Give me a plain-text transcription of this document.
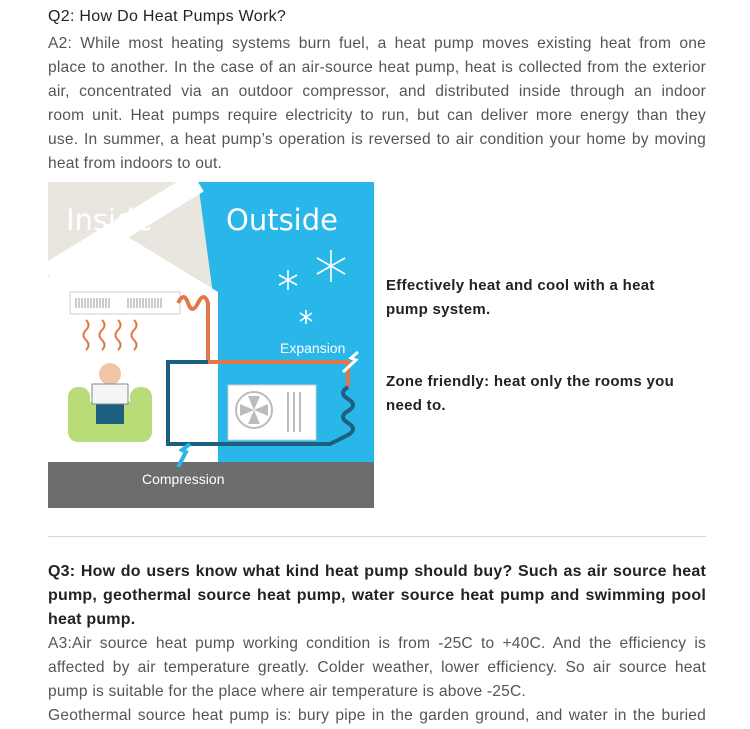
Q2: How Do Heat Pumps Work?
A2: While most heating systems burn fuel, a heat pump moves existing heat from one
place to another. In the case of an air-source heat pump, heat is collected from the exterior
air, concentrated via an outdoor compressor, and distributed inside through an indoor
room unit. Heat pumps require electricity to run, but can deliver more energy than they
use. In summer, a heat pump’s operation is reversed to air condition your home by moving
heat from indoors to out.
Inside	Outside
Expansion
Compression
Effectively heat and cool with a heat
pump system.
Zone friendly: heat only the rooms you
need to.
Q3: How do users know what kind heat pump should buy? Such as air source heat
pump, geothermal source heat pump, water source heat pump and swimming pool
heat pump.
A3:Air source heat pump working condition is from -25C to +40C. And the efficiency is
affected by air temperature greatly. Colder weather, lower efficiency. So air source heat
pump is suitable for the place where air temperature is above -25C.
Geothermal source heat pump is: bury pipe in the garden ground, and water in the buried
